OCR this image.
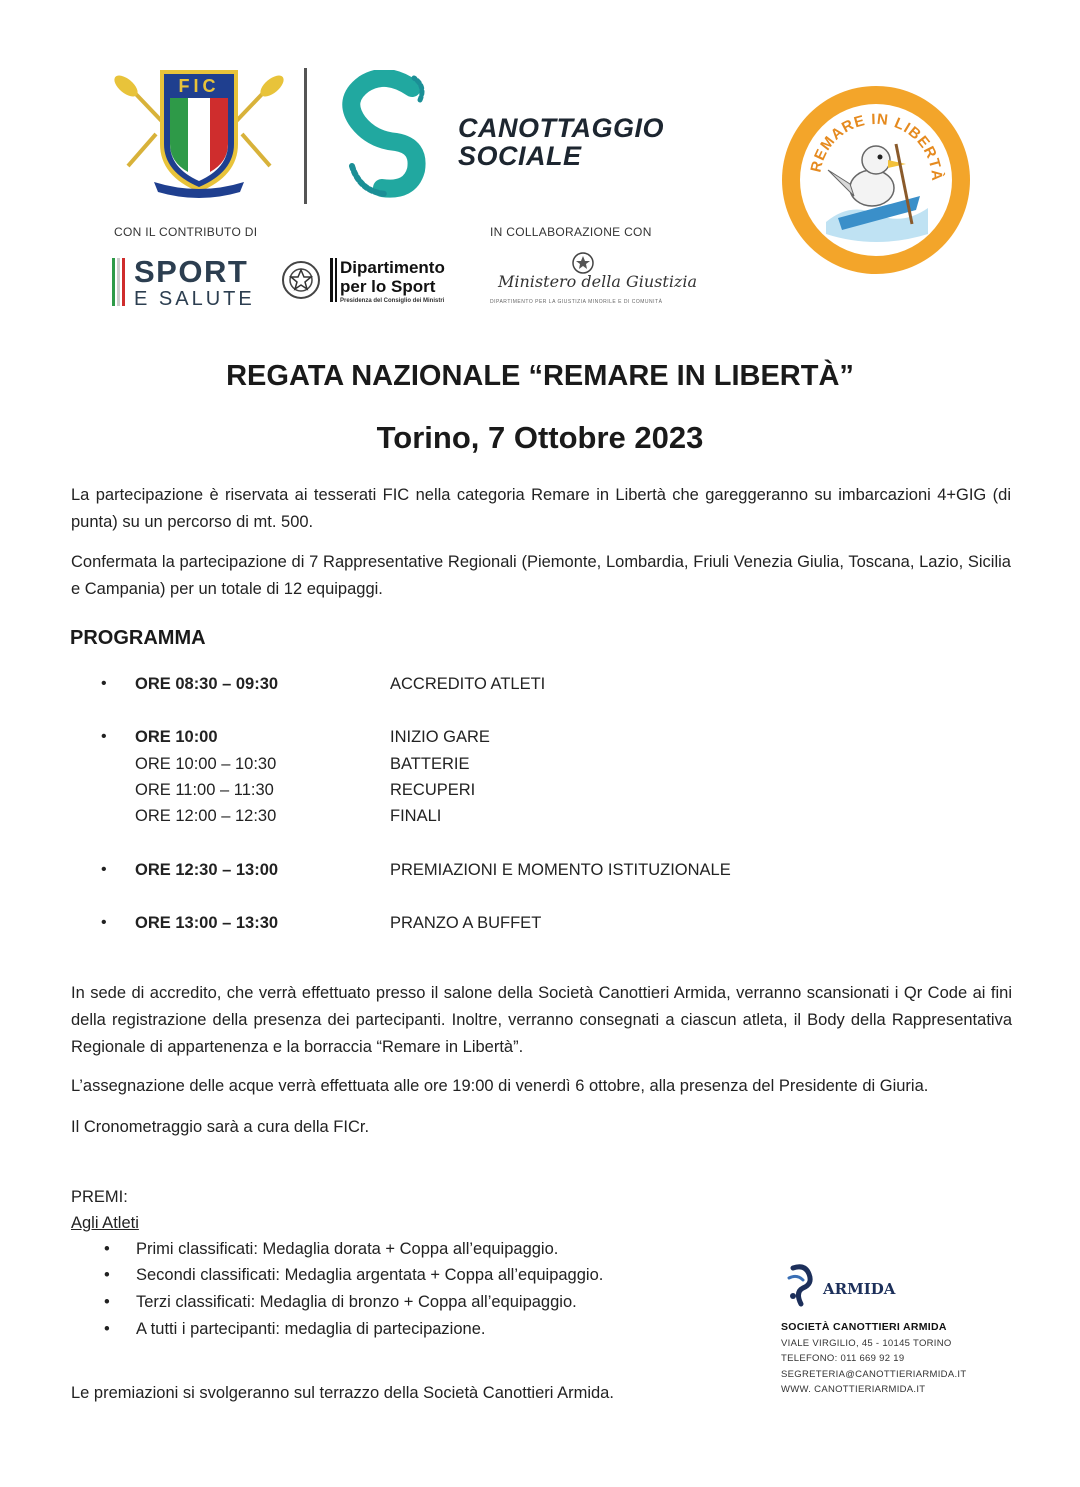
FIC
CANOTTAGGIO
SOCIALE	REMARE IN LIBERTÀ
CON IL CONTRIBUTO DI	IN COLLABORAZIONE CON
SPORT
E SALUTE
Dipartimento
per lo Sport
Presidenza del Consiglio dei Ministri
Ministero della Giustizia
DIPARTIMENTO PER LA GIUSTIZIA MINORILE E DI COMUNITÀ
REGATA NAZIONALE “REMARE IN LIBERTÀ”
Torino, 7 Ottobre 2023
La partecipazione è riservata ai tesserati FIC nella categoria Remare in Libertà che gareggeranno su imbarcazioni 4+GIG (di punta) su un percorso di mt. 500.
Confermata la partecipazione di 7 Rappresentative Regionali (Piemonte, Lombardia, Friuli Venezia Giulia, Toscana, Lazio, Sicilia e Campania) per un totale di 12 equipaggi.
PROGRAMMA
• ORE 08:30 – 09:30	ACCREDITO ATLETI
• ORE 10:00	INIZIO GARE
ORE 10:00 – 10:30	BATTERIE
ORE 11:00 – 11:30	RECUPERI
ORE 12:00 – 12:30	FINALI
• ORE 12:30 – 13:00	PREMIAZIONI E MOMENTO ISTITUZIONALE
• ORE 13:00 – 13:30	PRANZO A BUFFET
In sede di accredito, che verrà effettuato presso il salone della Società Canottieri Armida, verranno scansionati i Qr Code ai fini della registrazione della presenza dei partecipanti. Inoltre, verranno consegnati a ciascun atleta, il Body della Rappresentativa Regionale di appartenenza e la borraccia “Remare in Libertà”.
L’assegnazione delle acque verrà effettuata alle ore 19:00 di venerdì 6 ottobre, alla presenza del Presidente di Giuria.
Il Cronometraggio sarà a cura della FICr.
PREMI:
Agli Atleti
• Primi classificati: Medaglia dorata + Coppa all’equipaggio.
• Secondi classificati: Medaglia argentata + Coppa all’equipaggio.
• Terzi classificati: Medaglia di bronzo + Coppa all’equipaggio.
• A tutti i partecipanti: medaglia di partecipazione.
Le premiazioni si svolgeranno sul terrazzo della Società Canottieri Armida.
ARMIDA
SOCIETÀ CANOTTIERI ARMIDA
VIALE VIRGILIO, 45 - 10145 TORINO
TELEFONO: 011 669 92 19
SEGRETERIA@CANOTTIERIARMIDA.IT
WWW. CANOTTIERIARMIDA.IT
